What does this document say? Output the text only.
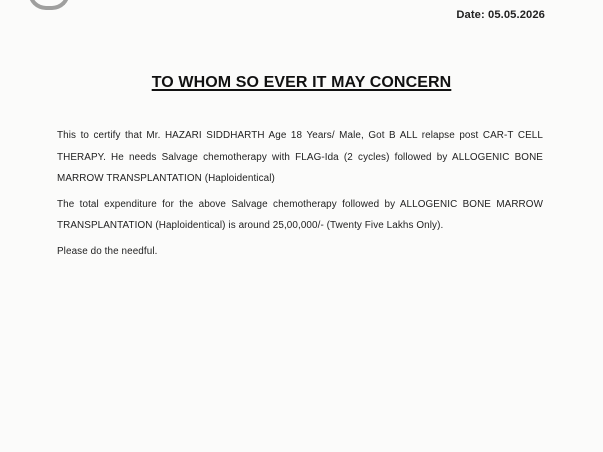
Date: 05.05.2026
TO WHOM SO EVER IT MAY CONCERN

This to certify that Mr. HAZARI SIDDHARTH Age 18 Years/ Male, Got B ALL relapse post CAR-T CELL THERAPY. He needs Salvage chemotherapy with FLAG-Ida (2 cycles) followed by ALLOGENIC BONE MARROW TRANSPLANTATION (Haploidentical)

The total expenditure for the above Salvage chemotherapy followed by ALLOGENIC BONE MARROW TRANSPLANTATION (Haploidentical) is around 25,00,000/- (Twenty Five Lakhs Only).

Please do the needful.
